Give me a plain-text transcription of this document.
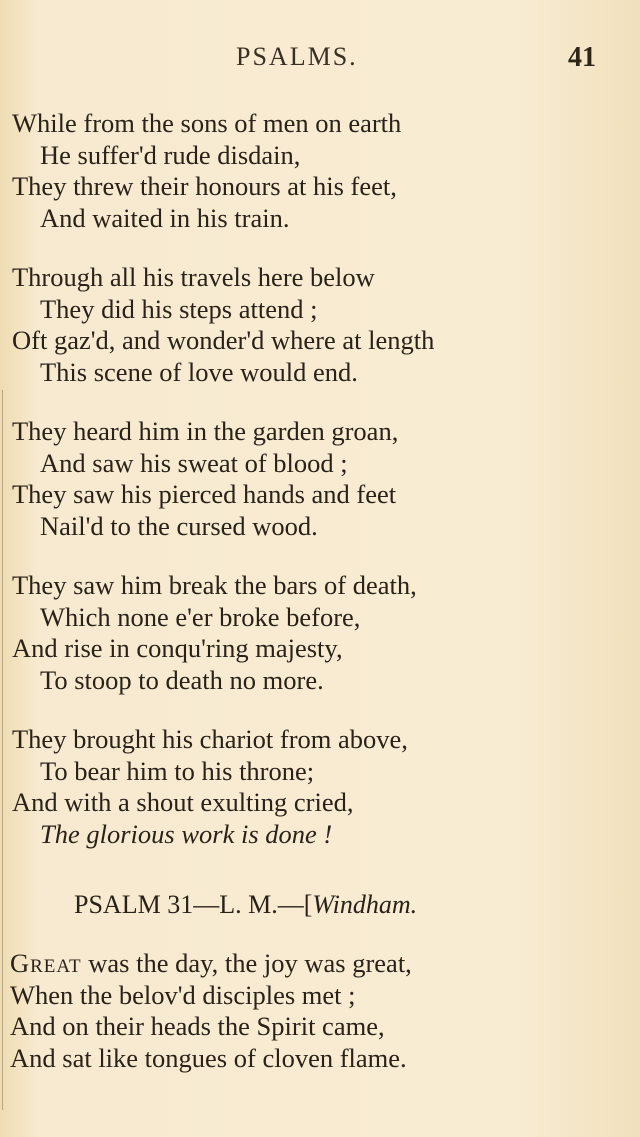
PSALMS.	41
While from the sons of men on earth
He suffer'd rude disdain,
They threw their honours at his feet,
And waited in his train.
Through all his travels here below
They did his steps attend ;
Oft gaz'd, and wonder'd where at length
This scene of love would end.
They heard him in the garden groan,
And saw his sweat of blood ;
They saw his pierced hands and feet
Nail'd to the cursed wood.
They saw him break the bars of death,
Which none e'er broke before,
And rise in conqu'ring majesty,
To stoop to death no more.
They brought his chariot from above,
To bear him to his throne;
And with a shout exulting cried,
The glorious work is done !
PSALM 31—L. M.—[Windham.
Great was the day, the joy was great,
When the belov'd disciples met ;
And on their heads the Spirit came,
And sat like tongues of cloven flame.
